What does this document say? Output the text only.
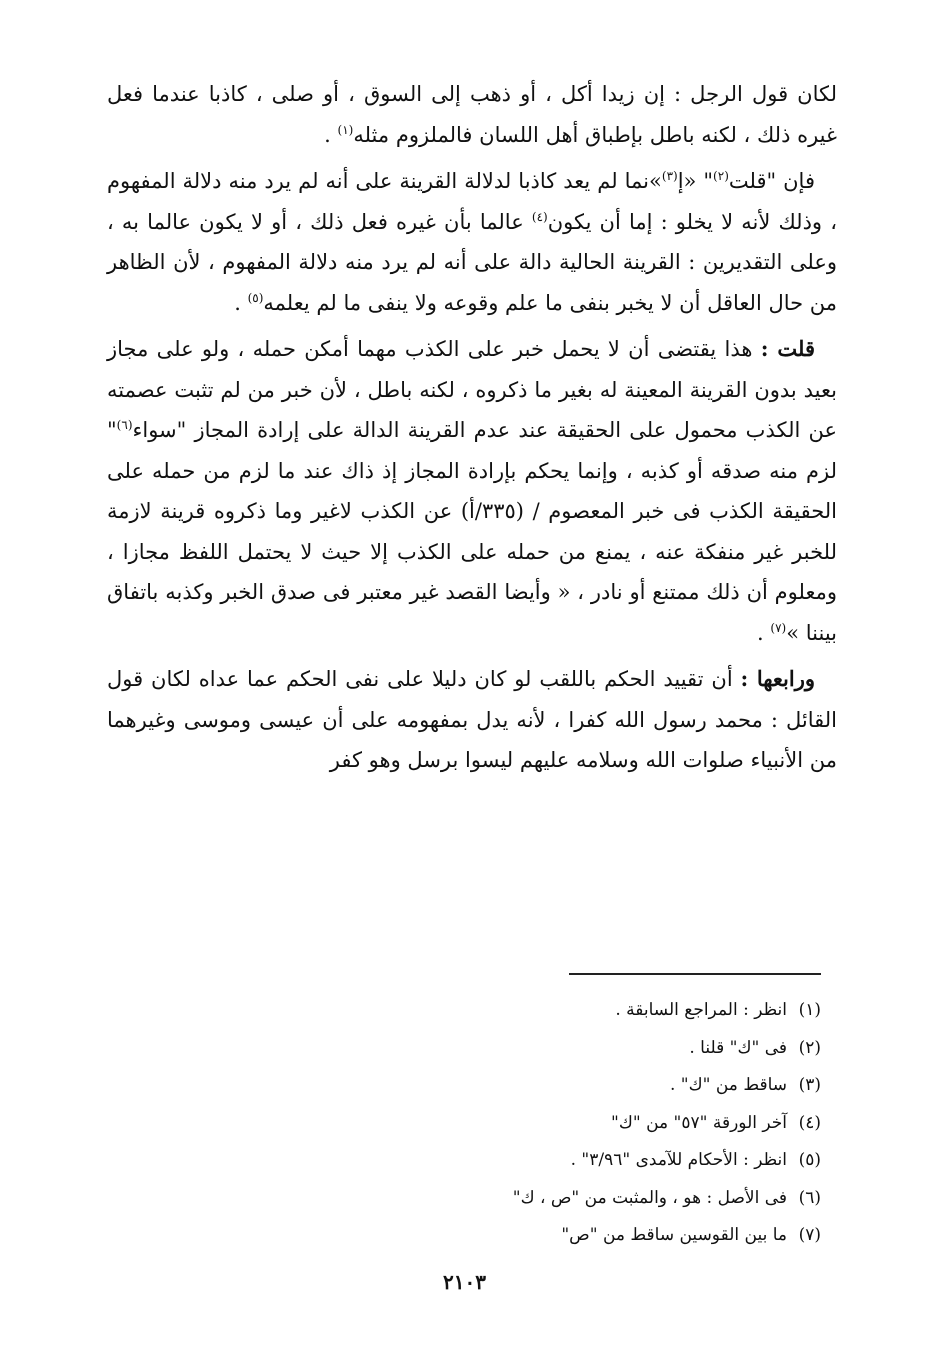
لكان قول الرجل : إن زيدا أكل ، أو ذهب إلى السوق ، أو صلى ، كاذبا عندما فعل غيره ذلك ، لكنه باطل بإطباق أهل اللسان فالملزوم مثله$^{(١)}$ .

فإن "قلت$^{(٢)}$" «إ$^{(٣)}$»نما لم يعد كاذبا لدلالة القرينة على أنه لم يرد منه دلالة المفهوم ، وذلك لأنه لا يخلو : إما أن يكون$^{(٤)}$ عالما بأن غيره فعل ذلك ، أو لا يكون عالما به ، وعلى التقديرين : القرينة الحالية دالة على أنه لم يرد منه دلالة المفهوم ، لأن الظاهر من حال العاقل أن لا يخبر بنفى ما علم وقوعه ولا ينفى ما لم يعلمه$^{(٥)}$ .

قلت : هذا يقتضى أن لا يحمل خبر على الكذب مهما أمكن حمله ، ولو على مجاز بعيد بدون القرينة المعينة له بغير ما ذكروه ، لكنه باطل ، لأن خبر من لم تثبت عصمته عن الكذب محمول على الحقيقة عند عدم القرينة الدالة على إرادة المجاز "سواء$^{(٦)}$" لزم منه صدقه أو كذبه ، وإنما يحكم بإرادة المجاز إذ ذاك عند ما لزم من حمله على الحقيقة الكذب فى خبر المعصوم / (٣٣٥/أ) عن الكذب لاغير وما ذكروه قرينة لازمة للخبر غير منفكة عنه ، يمنع من حمله على الكذب إلا حيث لا يحتمل اللفظ مجازا ، ومعلوم أن ذلك ممتنع أو نادر ، « وأيضا القصد غير معتبر فى صدق الخبر وكذبه باتفاق بيننا »$^{(٧)}$ .

ورابعها : أن تقييد الحكم باللقب لو كان دليلا على نفى الحكم عما عداه لكان قول القائل : محمد رسول الله كفرا ، لأنه يدل بمفهومه على أن عيسى وموسى وغيرهما من الأنبياء صلوات الله وسلامه عليهم ليسوا برسل وهو كفر

(١)انظر : المراجع السابقة .
(٢)فى "ك" قلنا .
(٣)ساقط من "ك" .
(٤)آخر الورقة "٥٧" من "ك"
(٥)انظر : الأحكام للآمدى "٣/٩٦" .
(٦)فى الأصل : هو ، والمثبت من "ص ، ك"
(٧)ما بين القوسين ساقط من "ص"
٢١٠٣
